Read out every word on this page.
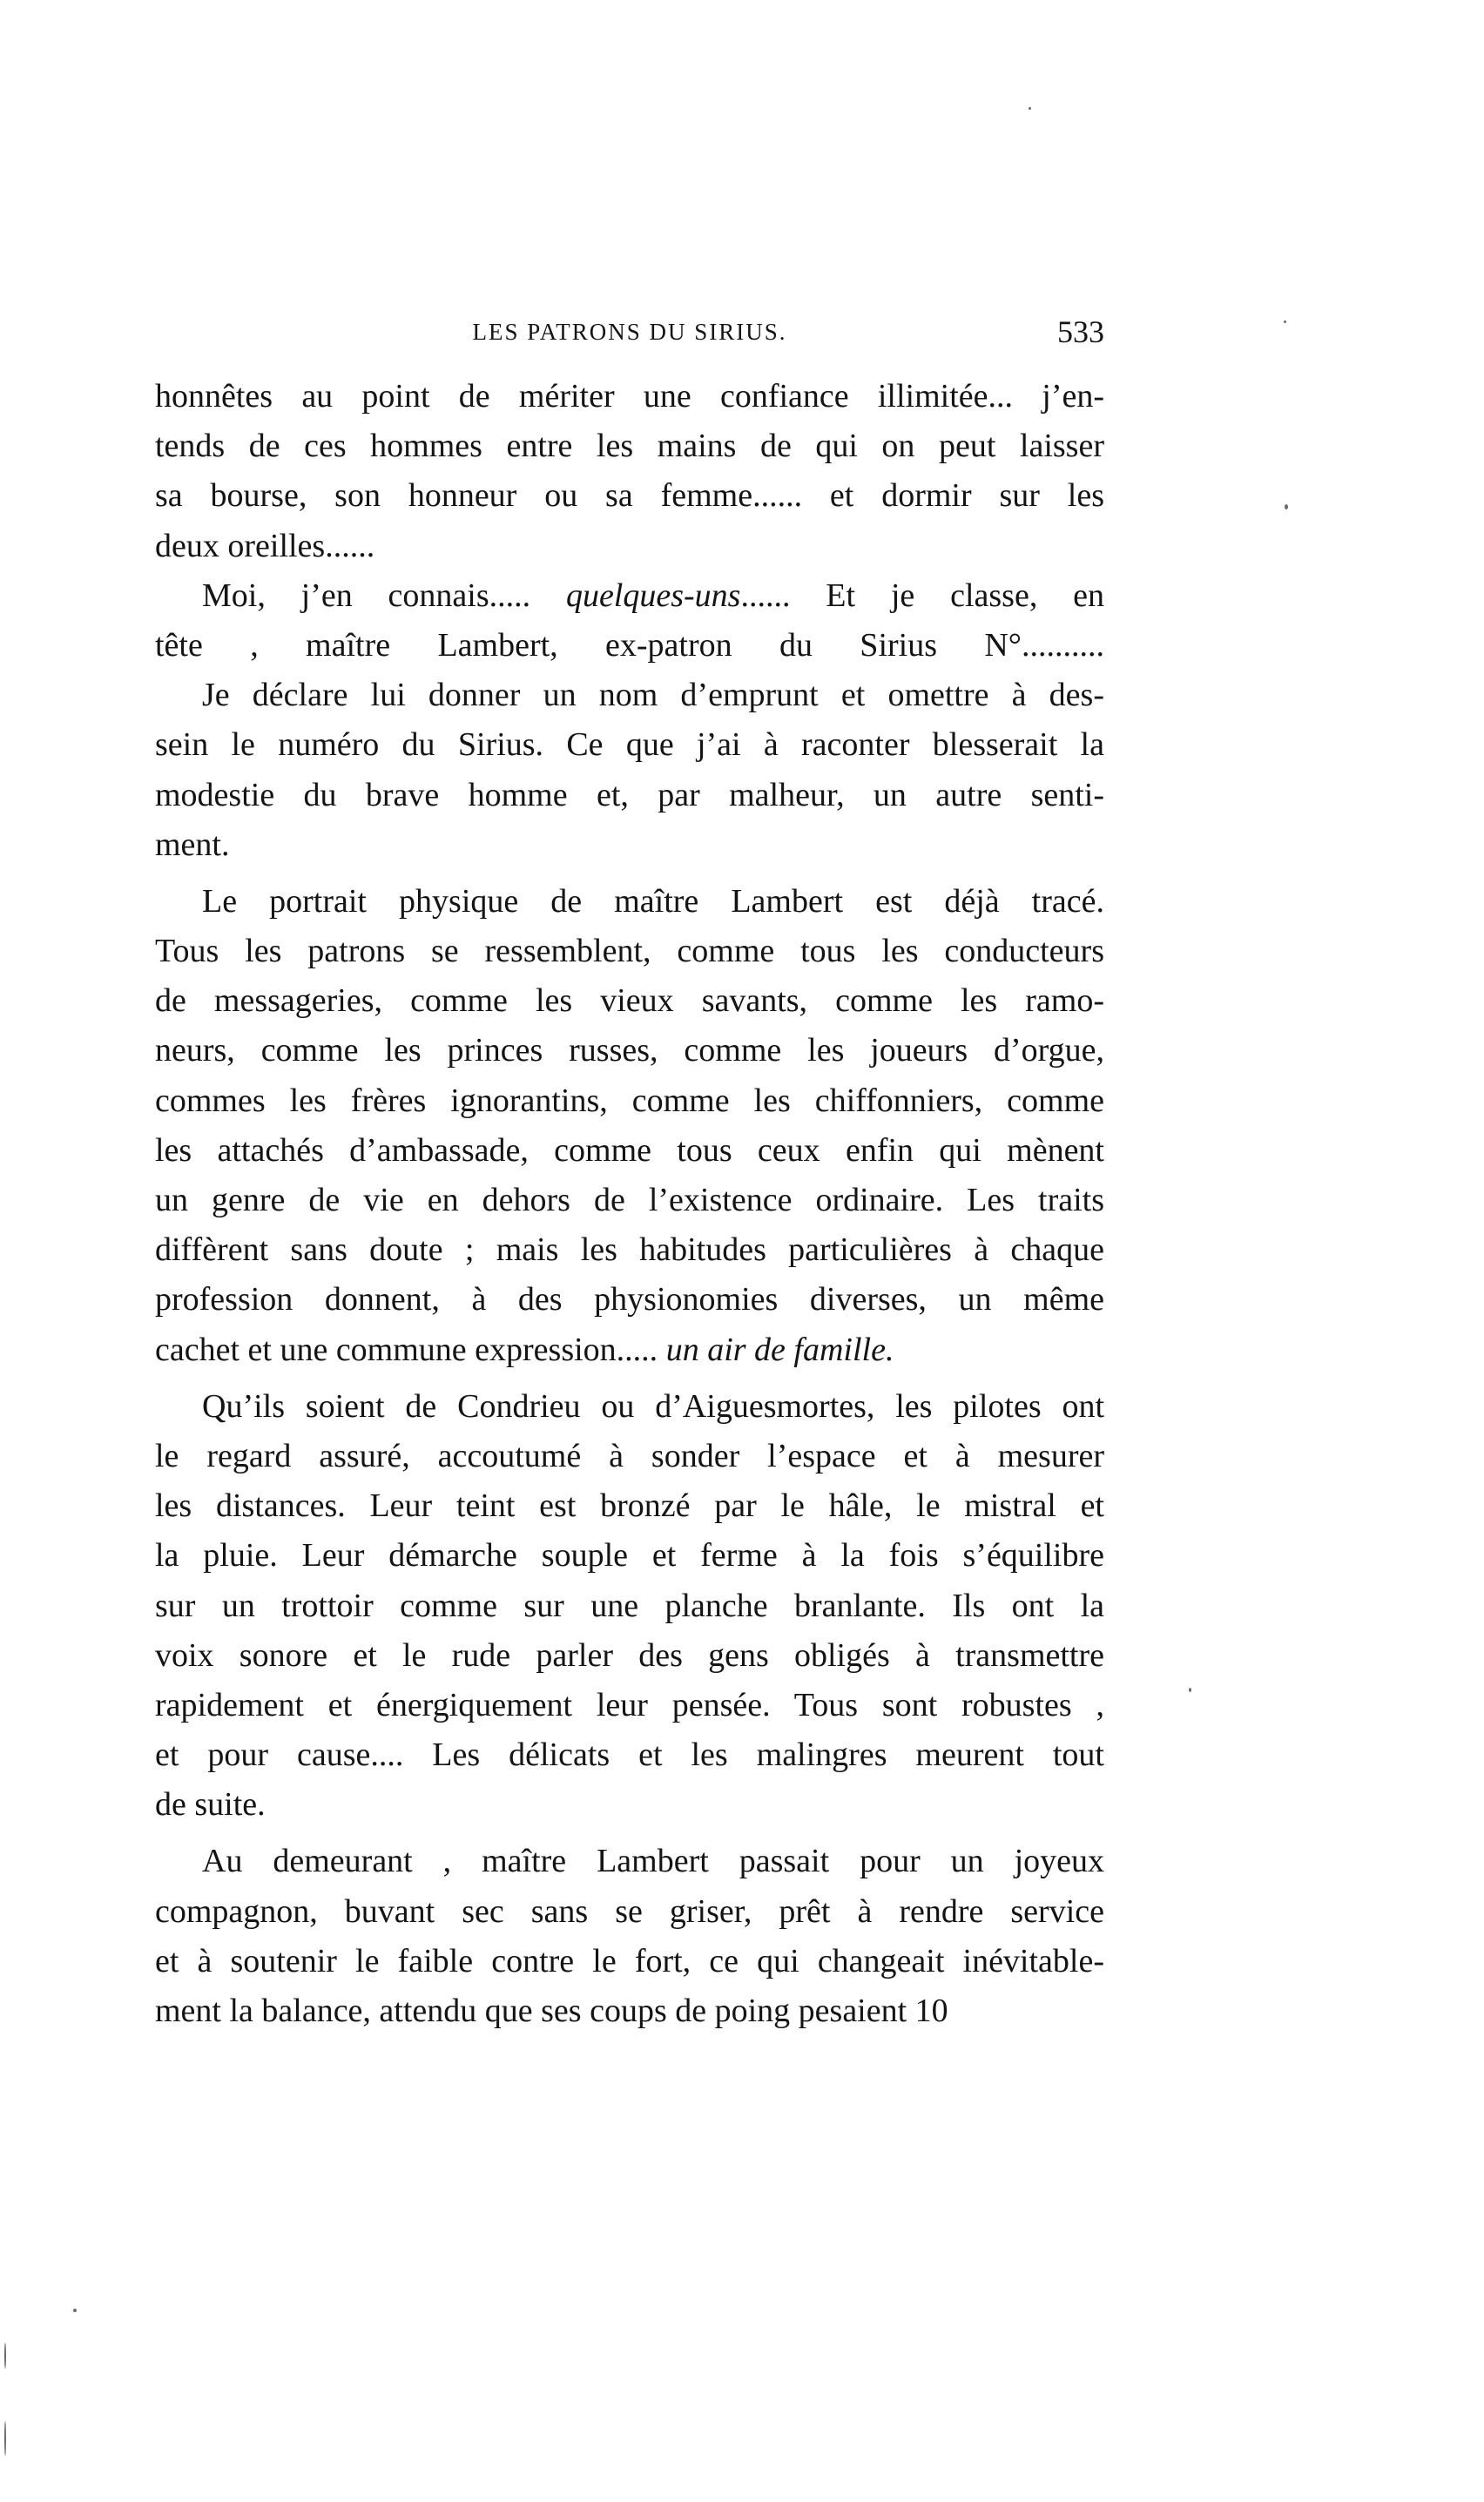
LES PATRONS DU SIRIUS.	533
honnêtes au point de mériter une confiance illimitée... j’en-
tends de ces hommes entre les mains de qui on peut laisser
sa bourse, son honneur ou sa femme...... et dormir sur les
deux oreilles......
Moi, j’en connais..... quelques-uns...... Et je classe, en
tête , maître Lambert, ex-patron du Sirius N°..........
Je déclare lui donner un nom d’emprunt et omettre à des-
sein le numéro du Sirius. Ce que j’ai à raconter blesserait la
modestie du brave homme et, par malheur, un autre senti-
ment.
Le portrait physique de maître Lambert est déjà tracé.
Tous les patrons se ressemblent, comme tous les conducteurs
de messageries, comme les vieux savants, comme les ramo-
neurs, comme les princes russes, comme les joueurs d’orgue,
commes les frères ignorantins, comme les chiffonniers, comme
les attachés d’ambassade, comme tous ceux enfin qui mènent
un genre de vie en dehors de l’existence ordinaire. Les traits
diffèrent sans doute ; mais les habitudes particulières à chaque
profession donnent, à des physionomies diverses, un même
cachet et une commune expression..... un air de famille.
Qu’ils soient de Condrieu ou d’Aiguesmortes, les pilotes ont
le regard assuré, accoutumé à sonder l’espace et à mesurer
les distances. Leur teint est bronzé par le hâle, le mistral et
la pluie. Leur démarche souple et ferme à la fois s’équilibre
sur un trottoir comme sur une planche branlante. Ils ont la
voix sonore et le rude parler des gens obligés à transmettre
rapidement et énergiquement leur pensée. Tous sont robustes ,
et pour cause.... Les délicats et les malingres meurent tout
de suite.
Au demeurant , maître Lambert passait pour un joyeux
compagnon, buvant sec sans se griser, prêt à rendre service
et à soutenir le faible contre le fort, ce qui changeait inévitable-
ment la balance, attendu que ses coups de poing pesaient 10
